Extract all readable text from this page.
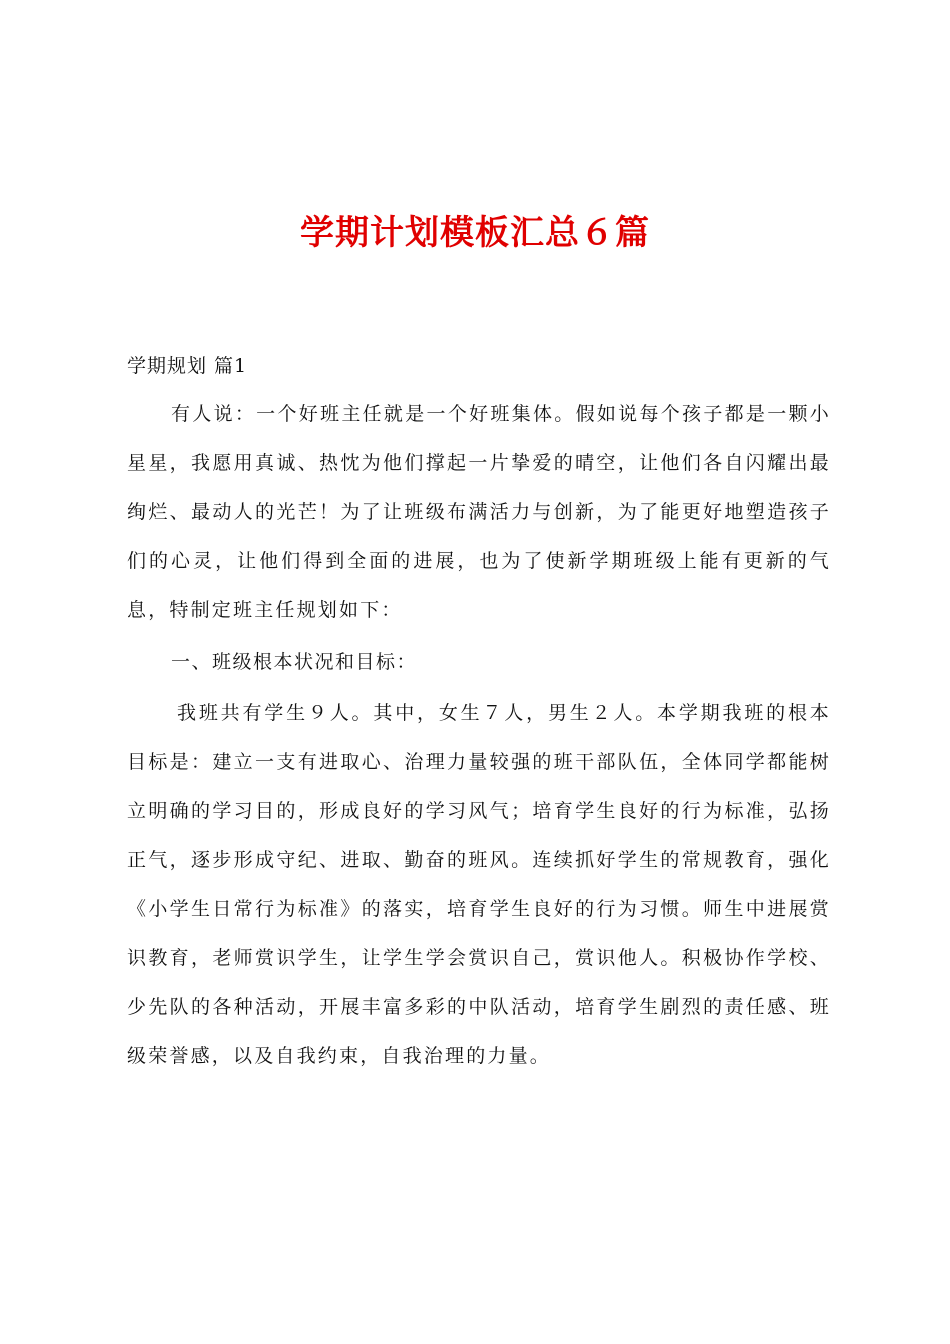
学期计划模板汇总６篇

学期规划 篇1

有人说：一个好班主任就是一个好班集体。假如说每个孩子都是一颗小星星，我愿用真诚、热忱为他们撑起一片挚爱的晴空，让他们各自闪耀出最绚烂、最动人的光芒！为了让班级布满活力与创新，为了能更好地塑造孩子们的心灵，让他们得到全面的进展，也为了使新学期班级上能有更新的气息，特制定班主任规划如下：

一、班级根本状况和目标：

我班共有学生９人。其中，女生７人，男生２人。本学期我班的根本目标是：建立一支有进取心、治理力量较强的班干部队伍，全体同学都能树立明确的学习目的，形成良好的学习风气；培育学生良好的行为标准，弘扬正气，逐步形成守纪、进取、勤奋的班风。连续抓好学生的常规教育，强化《小学生日常行为标准》的落实，培育学生良好的行为习惯。师生中进展赏识教育，老师赏识学生，让学生学会赏识自己，赏识他人。积极协作学校、少先队的各种活动，开展丰富多彩的中队活动，培育学生剧烈的责任感、班级荣誉感，以及自我约束，自我治理的力量。
